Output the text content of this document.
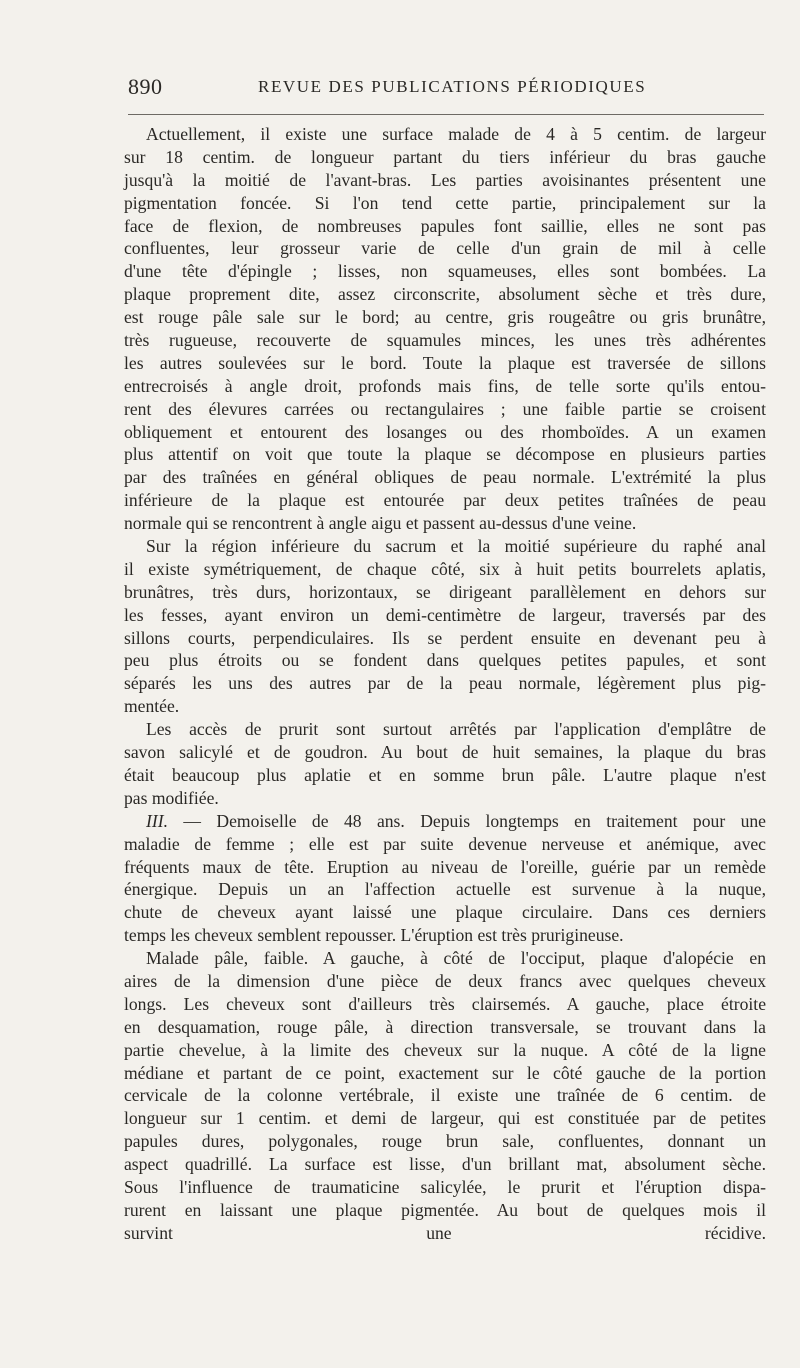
890	REVUE DES PUBLICATIONS PÉRIODIQUES
Actuellement, il existe une surface malade de 4 à 5 centim. de largeur
sur 18 centim. de longueur partant du tiers inférieur du bras gauche
jusqu'à la moitié de l'avant-bras. Les parties avoisinantes présentent une
pigmentation foncée. Si l'on tend cette partie, principalement sur la
face de flexion, de nombreuses papules font saillie, elles ne sont pas
confluentes, leur grosseur varie de celle d'un grain de mil à celle
d'une tête d'épingle ; lisses, non squameuses, elles sont bombées. La
plaque proprement dite, assez circonscrite, absolument sèche et très dure,
est rouge pâle sale sur le bord; au centre, gris rougeâtre ou gris brunâtre,
très rugueuse, recouverte de squamules minces, les unes très adhérentes
les autres soulevées sur le bord. Toute la plaque est traversée de sillons
entrecroisés à angle droit, profonds mais fins, de telle sorte qu'ils entou-
rent des élevures carrées ou rectangulaires ; une faible partie se croisent
obliquement et entourent des losanges ou des rhomboïdes. A un examen
plus attentif on voit que toute la plaque se décompose en plusieurs parties
par des traînées en général obliques de peau normale. L'extrémité la plus
inférieure de la plaque est entourée par deux petites traînées de peau
normale qui se rencontrent à angle aigu et passent au-dessus d'une veine.
Sur la région inférieure du sacrum et la moitié supérieure du raphé anal
il existe symétriquement, de chaque côté, six à huit petits bourrelets aplatis,
brunâtres, très durs, horizontaux, se dirigeant parallèlement en dehors sur
les fesses, ayant environ un demi-centimètre de largeur, traversés par des
sillons courts, perpendiculaires. Ils se perdent ensuite en devenant peu à
peu plus étroits ou se fondent dans quelques petites papules, et sont
séparés les uns des autres par de la peau normale, légèrement plus pig-
mentée.
Les accès de prurit sont surtout arrêtés par l'application d'emplâtre de
savon salicylé et de goudron. Au bout de huit semaines, la plaque du bras
était beaucoup plus aplatie et en somme brun pâle. L'autre plaque n'est
pas modifiée.
III. — Demoiselle de 48 ans. Depuis longtemps en traitement pour une
maladie de femme ; elle est par suite devenue nerveuse et anémique, avec
fréquents maux de tête. Eruption au niveau de l'oreille, guérie par un remède
énergique. Depuis un an l'affection actuelle est survenue à la nuque,
chute de cheveux ayant laissé une plaque circulaire. Dans ces derniers
temps les cheveux semblent repousser. L'éruption est très prurigineuse.
Malade pâle, faible. A gauche, à côté de l'occiput, plaque d'alopécie en
aires de la dimension d'une pièce de deux francs avec quelques cheveux
longs. Les cheveux sont d'ailleurs très clairsemés. A gauche, place étroite
en desquamation, rouge pâle, à direction transversale, se trouvant dans la
partie chevelue, à la limite des cheveux sur la nuque. A côté de la ligne
médiane et partant de ce point, exactement sur le côté gauche de la portion
cervicale de la colonne vertébrale, il existe une traînée de 6 centim. de
longueur sur 1 centim. et demi de largeur, qui est constituée par de petites
papules dures, polygonales, rouge brun sale, confluentes, donnant un
aspect quadrillé. La surface est lisse, d'un brillant mat, absolument sèche.
Sous l'influence de traumaticine salicylée, le prurit et l'éruption dispa-
rurent en laissant une plaque pigmentée. Au bout de quelques mois il
survint une récidive.
